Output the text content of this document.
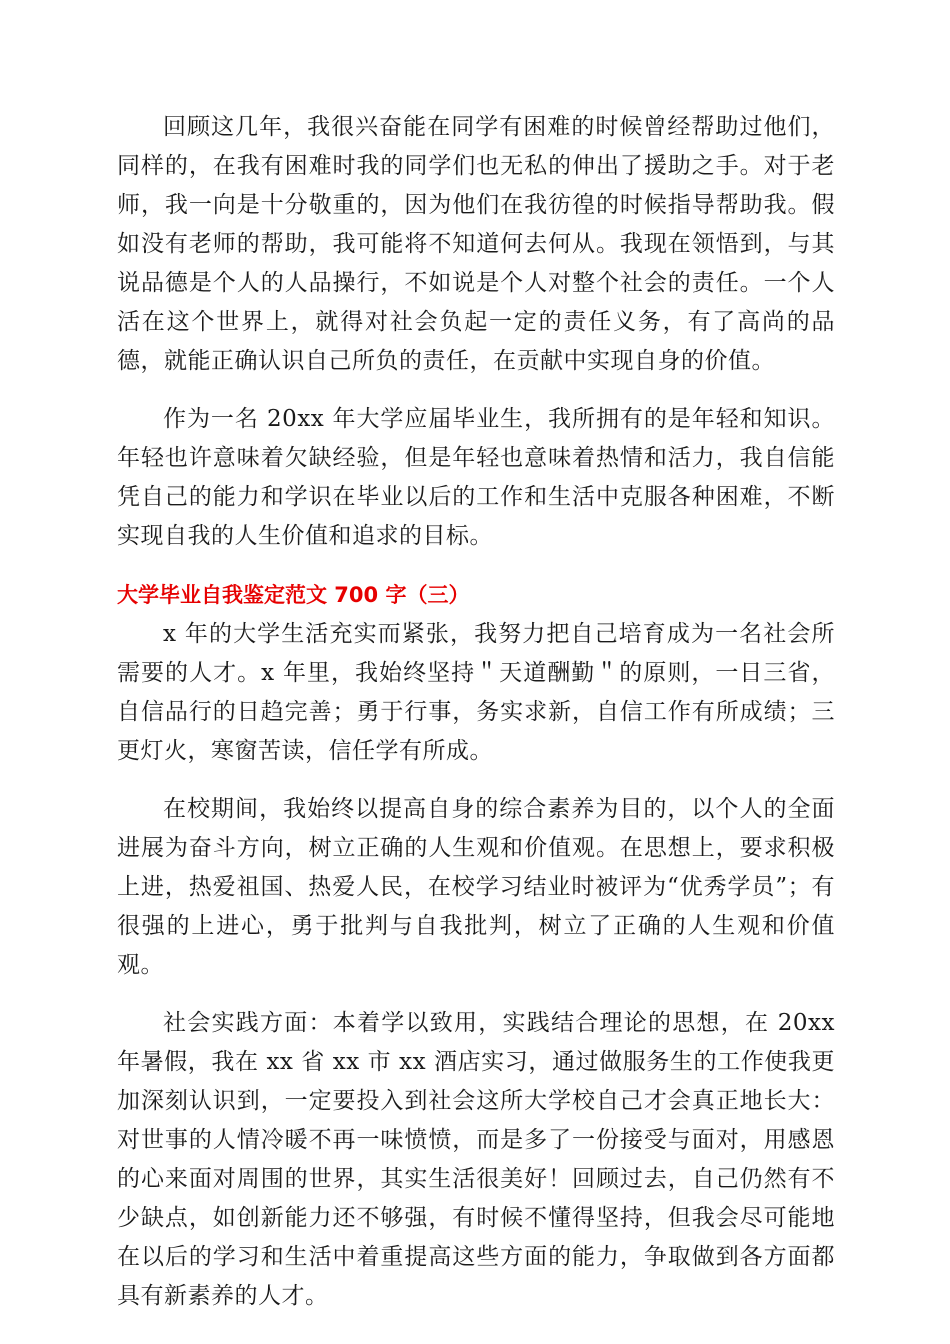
回顾这几年，我很兴奋能在同学有困难的时候曾经帮助过他们，同样的，在我有困难时我的同学们也无私的伸出了援助之手。对于老师，我一向是十分敬重的，因为他们在我彷徨的时候指导帮助我。假如没有老师的帮助，我可能将不知道何去何从。我现在领悟到，与其说品德是个人的人品操行，不如说是个人对整个社会的责任。一个人活在这个世界上，就得对社会负起一定的责任义务，有了高尚的品德，就能正确认识自己所负的责任，在贡献中实现自身的价值。

作为一名 20xx 年大学应届毕业生，我所拥有的是年轻和知识。年轻也许意味着欠缺经验，但是年轻也意味着热情和活力，我自信能凭自己的能力和学识在毕业以后的工作和生活中克服各种困难，不断实现自我的人生价值和追求的目标。

大学毕业自我鉴定范文 700 字（三）

x 年的大学生活充实而紧张，我努力把自己培育成为一名社会所需要的人才。x 年里，我始终坚持＂天道酬勤＂的原则，一日三省，自信品行的日趋完善；勇于行事，务实求新，自信工作有所成绩；三更灯火，寒窗苦读，信任学有所成。

在校期间，我始终以提高自身的综合素养为目的，以个人的全面进展为奋斗方向，树立正确的人生观和价值观。在思想上，要求积极上进，热爱祖国、热爱人民，在校学习结业时被评为“优秀学员”；有很强的上进心，勇于批判与自我批判，树立了正确的人生观和价值观。

社会实践方面：本着学以致用，实践结合理论的思想，在 20xx 年暑假，我在 xx 省 xx 市 xx 酒店实习，通过做服务生的工作使我更加深刻认识到，一定要投入到社会这所大学校自己才会真正地长大：对世事的人情冷暖不再一味愤愤，而是多了一份接受与面对，用感恩的心来面对周围的世界，其实生活很美好！回顾过去，自己仍然有不少缺点，如创新能力还不够强，有时候不懂得坚持，但我会尽可能地在以后的学习和生活中着重提高这些方面的能力，争取做到各方面都具有新素养的人才。
